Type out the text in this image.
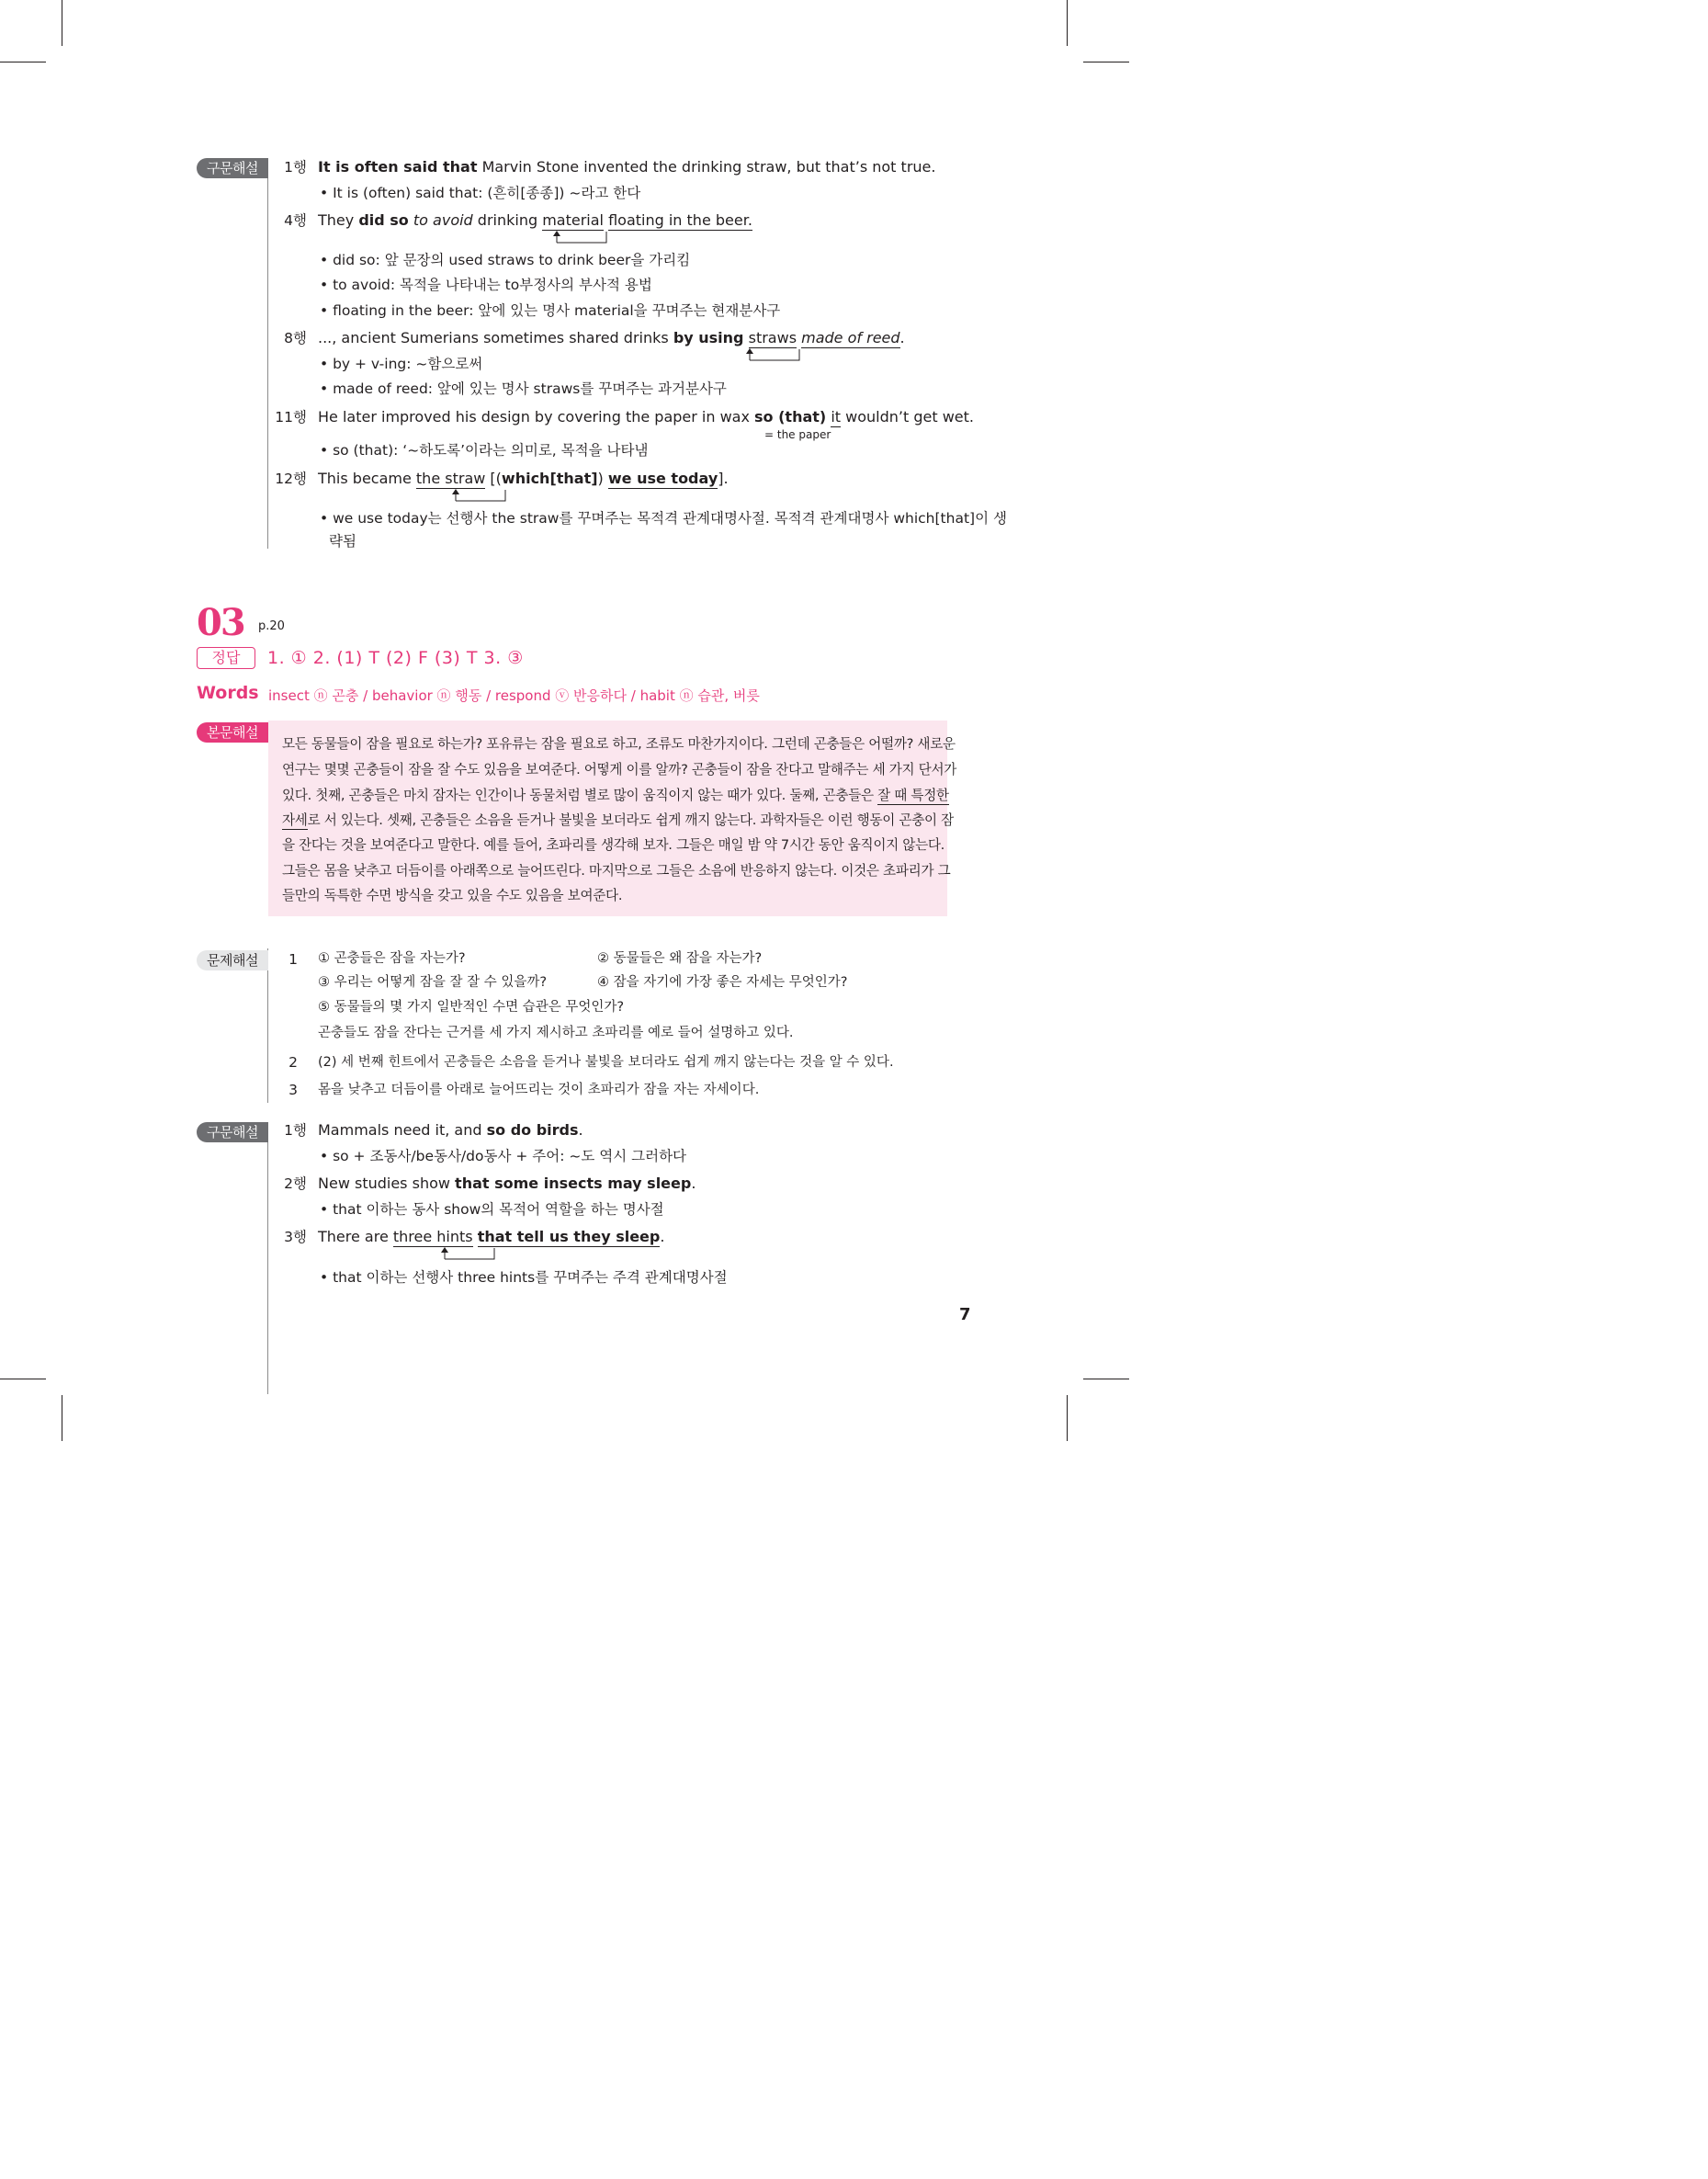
구문해설	1행 It is often said that Marvin Stone invented the drinking straw, but that’s not true.
• It is (often) said that: (흔히[종종]) ~라고 한다
4행 They did so to avoid drinking material floating in the beer.
• did so: 앞 문장의 used straws to drink beer을 가리킴
• to avoid: 목적을 나타내는 to부정사의 부사적 용법
• floating in the beer: 앞에 있는 명사 material을 꾸며주는 현재분사구
8행 ..., ancient Sumerians sometimes shared drinks by using straws made of reed.
• by + v-ing: ~함으로써
• made of reed: 앞에 있는 명사 straws를 꾸며주는 과거분사구
11행 He later improved his design by covering the paper in wax so (that) it wouldn’t get wet.
= the paper
• so (that): ‘~하도록’이라는 의미로, 목적을 나타냄
12행 This became the straw [(which[that]) we use today].
• we use today는 선행사 the straw를 꾸며주는 목적격 관계대명사절. 목적격 관계대명사 which[that]이 생
략됨
03 p.20
정답	1. ① 2. (1) T (2) F (3) T 3. ③
Words insect ⓝ 곤충 / behavior ⓝ 행동 / respond ⓥ 반응하다 / habit ⓝ 습관, 버릇
본문해설
모든 동물들이 잠을 필요로 하는가? 포유류는 잠을 필요로 하고, 조류도 마찬가지이다. 그런데 곤충들은 어떨까? 새로운
연구는 몇몇 곤충들이 잠을 잘 수도 있음을 보여준다. 어떻게 이를 알까? 곤충들이 잠을 잔다고 말해주는 세 가지 단서가
있다. 첫째, 곤충들은 마치 잠자는 인간이나 동물처럼 별로 많이 움직이지 않는 때가 있다. 둘째, 곤충들은 잘 때 특정한
자세로 서 있는다. 셋째, 곤충들은 소음을 듣거나 불빛을 보더라도 쉽게 깨지 않는다. 과학자들은 이런 행동이 곤충이 잠
을 잔다는 것을 보여준다고 말한다. 예를 들어, 초파리를 생각해 보자. 그들은 매일 밤 약 7시간 동안 움직이지 않는다.
그들은 몸을 낮추고 더듬이를 아래쪽으로 늘어뜨린다. 마지막으로 그들은 소음에 반응하지 않는다. 이것은 초파리가 그
들만의 독특한 수면 방식을 갖고 있을 수도 있음을 보여준다.
문제해설	1 ① 곤충들은 잠을 자는가?	② 동물들은 왜 잠을 자는가?
③ 우리는 어떻게 잠을 잘 잘 수 있을까?	④ 잠을 자기에 가장 좋은 자세는 무엇인가?
⑤ 동물들의 몇 가지 일반적인 수면 습관은 무엇인가?
곤충들도 잠을 잔다는 근거를 세 가지 제시하고 초파리를 예로 들어 설명하고 있다.
2 (2) 세 번째 힌트에서 곤충들은 소음을 듣거나 불빛을 보더라도 쉽게 깨지 않는다는 것을 알 수 있다.
3 몸을 낮추고 더듬이를 아래로 늘어뜨리는 것이 초파리가 잠을 자는 자세이다.
구문해설	1행 Mammals need it, and so do birds.
• so + 조동사/be동사/do동사 + 주어: ~도 역시 그러하다
2행 New studies show that some insects may sleep.
• that 이하는 동사 show의 목적어 역할을 하는 명사절
3행 There are three hints that tell us they sleep.
• that 이하는 선행사 three hints를 꾸며주는 주격 관계대명사절
7
